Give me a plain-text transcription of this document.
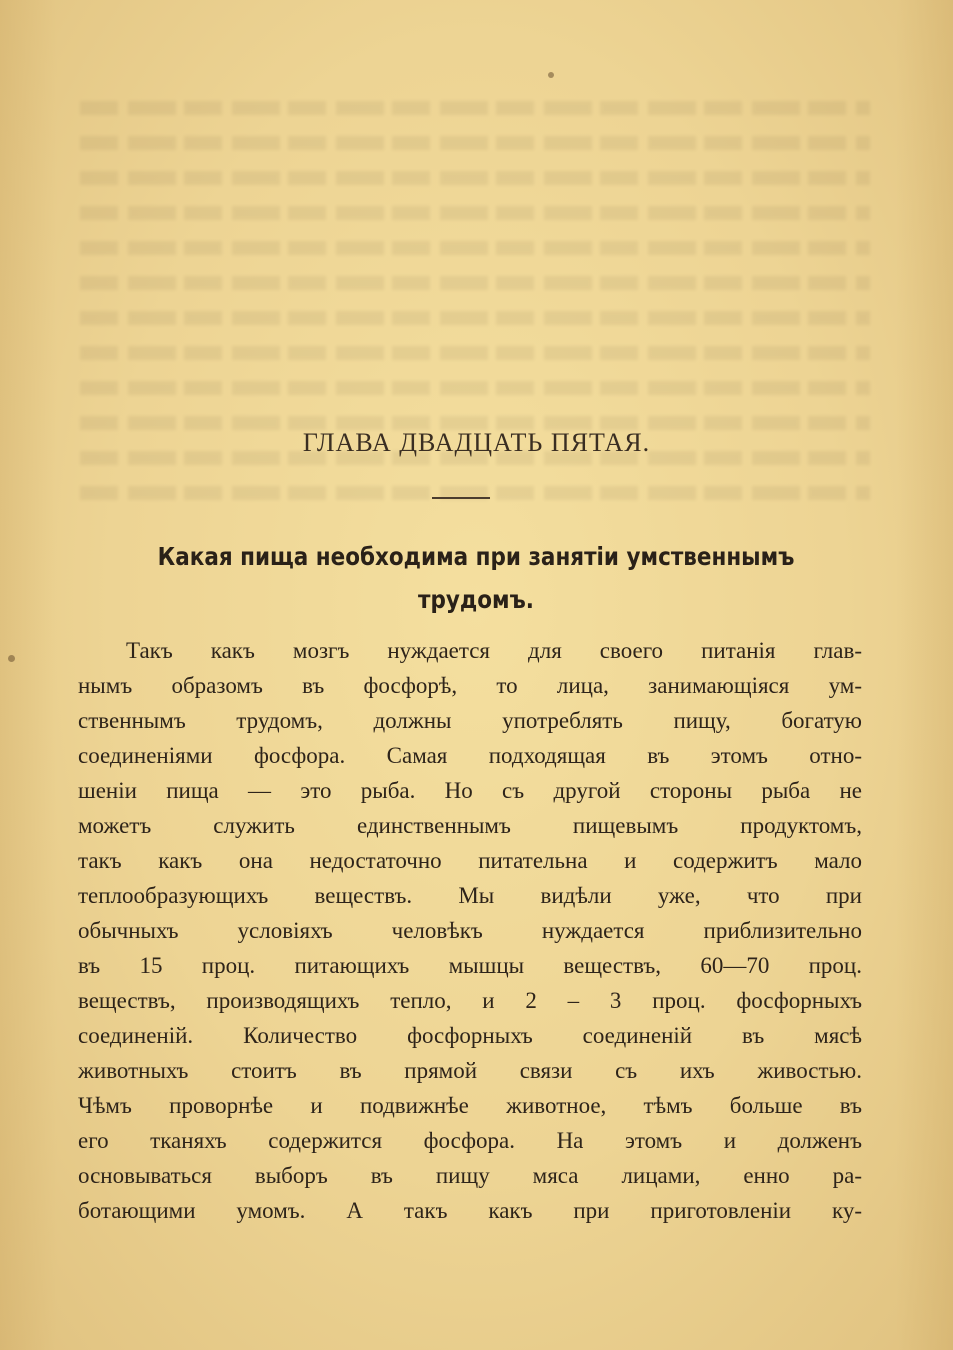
ГЛАВА ДВАДЦАТЬ ПЯТАЯ.
Какая пища необходима при занятіи умственнымъ
трудомъ.
Такъ какъ мозгъ нуждается для своего питанія глав-
нымъ образомъ въ фосфорѣ, то лица, занимающіяся ум-
ственнымъ трудомъ, должны употреблять пищу, богатую
соединеніями фосфора. Самая подходящая въ этомъ отно-
шеніи пища — это рыба. Но съ другой стороны рыба не
можетъ служить единственнымъ пищевымъ продуктомъ,
такъ какъ она недостаточно питательна и содержитъ мало
теплообразующихъ веществъ. Мы видѣли уже, что при
обычныхъ условіяхъ человѣкъ нуждается приблизительно
въ 15 проц. питающихъ мышцы веществъ, 60—70 проц.
веществъ, производящихъ тепло, и 2 – 3 проц. фосфорныхъ
соединеній. Количество фосфорныхъ соединеній въ мясѣ
животныхъ стоитъ въ прямой связи съ ихъ живостью.
Чѣмъ проворнѣе и подвижнѣе животное, тѣмъ больше въ
его тканяхъ содержится фосфора. На этомъ и долженъ
основываться выборъ въ пищу мяса лицами, енно ра-
ботающими умомъ. А такъ какъ при приготовленіи ку-
